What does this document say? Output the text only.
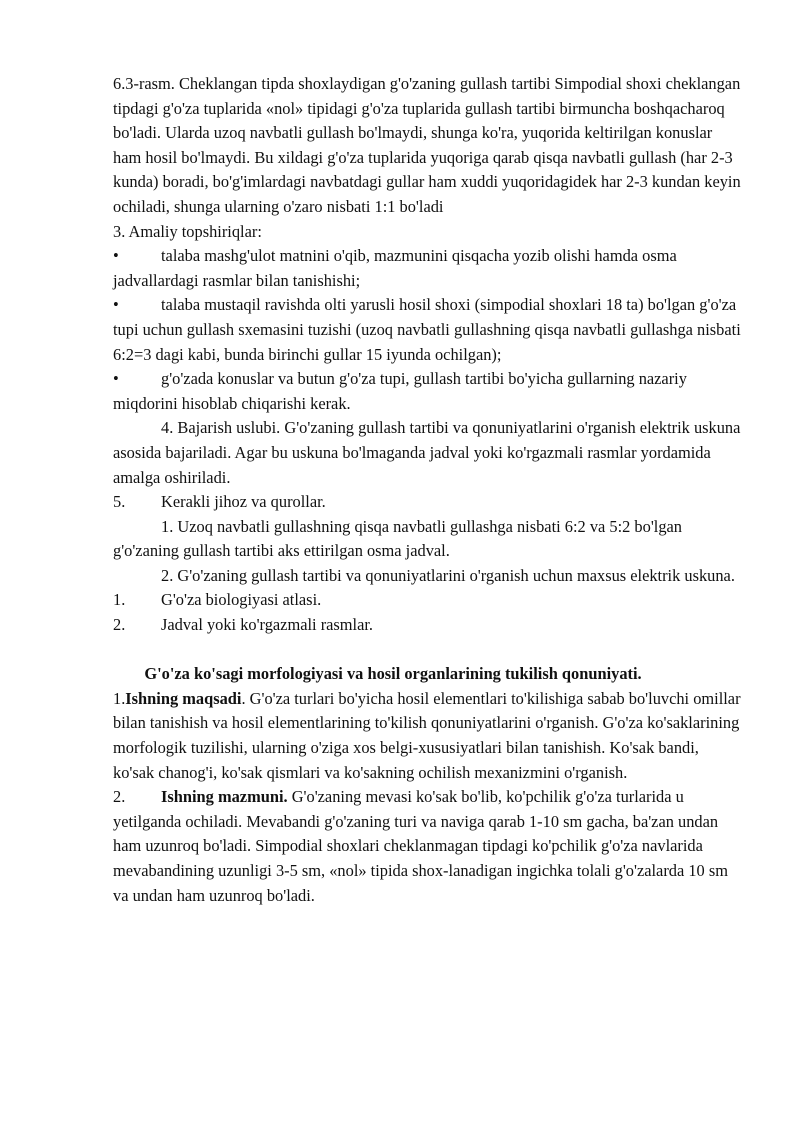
6.3-rasm. Cheklangan tipda shoxlaydigan g'o'zaning gullash tartibi Simpodial shoxi cheklangan tipdagi g'o'za tuplarida «nol» tipidagi g'o'za tuplarida gullash tartibi birmuncha boshqacharoq bo'ladi. Ularda uzoq navbatli gullash bo'lmaydi, shunga ko'ra, yuqorida keltirilgan konuslar ham hosil bo'lmaydi. Bu xildagi g'o'za tuplarida yuqoriga qarab qisqa navbatli gullash (har 2-3 kunda) boradi, bo'g'imlardagi navbatdagi gullar ham xuddi yuqoridagidek har 2-3 kundan keyin ochiladi, shunga ularning o'zaro nisbati 1:1 bo'ladi

3. Amaliy topshiriqlar:

•	talaba mashg'ulot matnini o'qib, mazmunini qisqacha yozib olishi hamda osma jadvallardagi rasmlar bilan tanishishi;
•	talaba mustaqil ravishda olti yarusli hosil shoxi (simpodial shoxlari 18 ta) bo'lgan g'o'za tupi uchun gullash sxemasini tuzishi (uzoq navbatli gullashning qisqa navbatli gullashga nisbati 6:2=3 dagi kabi, bunda birinchi gullar 15 iyunda ochilgan);
•	g'o'zada konuslar va butun g'o'za tupi, gullash tartibi bo'yicha gullarning nazariy miqdorini hisoblab chiqarishi kerak.

4. Bajarish uslubi. G'o'zaning gullash tartibi va qonuniyatlarini o'rganish elektrik uskuna asosida bajariladi. Agar bu uskuna bo'lmaganda jadval yoki ko'rgazmali rasmlar yordamida amalga oshiriladi.

5. Kerakli jihoz va qurollar.

1. Uzoq navbatli gullashning qisqa navbatli gullashga nisbati 6:2 va 5:2 bo'lgan g'o'zaning gullash tartibi aks ettirilgan osma jadval.

2. G'o'zaning gullash tartibi va qonuniyatlarini o'rganish uchun maxsus elektrik uskuna.

1. G'o'za biologiyasi atlasi.
2. Jadval yoki ko'rgazmali rasmlar.

G'o'za ko'sagi morfologiyasi va hosil organlarining tukilish qonuniyati.

1.Ishning maqsadi. G'o'za turlari bo'yicha hosil elementlari to'kilishiga sabab bo'luvchi omillar bilan tanishish va hosil elementlarining to'kilish qonuniyatlarini o'rganish. G'o'za ko'saklarining morfologik tuzilishi, ularning o'ziga xos belgi-xususiyatlari bilan tanishish. Ko'sak bandi, ko'sak chanog'i, ko'sak qismlari va ko'sakning ochilish mexanizmini o'rganish.

2. Ishning mazmuni. G'o'zaning mevasi ko'sak bo'lib, ko'pchilik g'o'za turlarida u yetilganda ochiladi. Mevabandi g'o'zaning turi va naviga qarab 1-10 sm gacha, ba'zan undan ham uzunroq bo'ladi. Simpodial shoxlari cheklanmagan tipdagi ko'pchilik g'o'za navlarida mevabandining uzunligi 3-5 sm, «nol» tipida shox-lanadigan ingichka tolali g'o'zalarda 10 sm va undan ham uzunroq bo'ladi.
